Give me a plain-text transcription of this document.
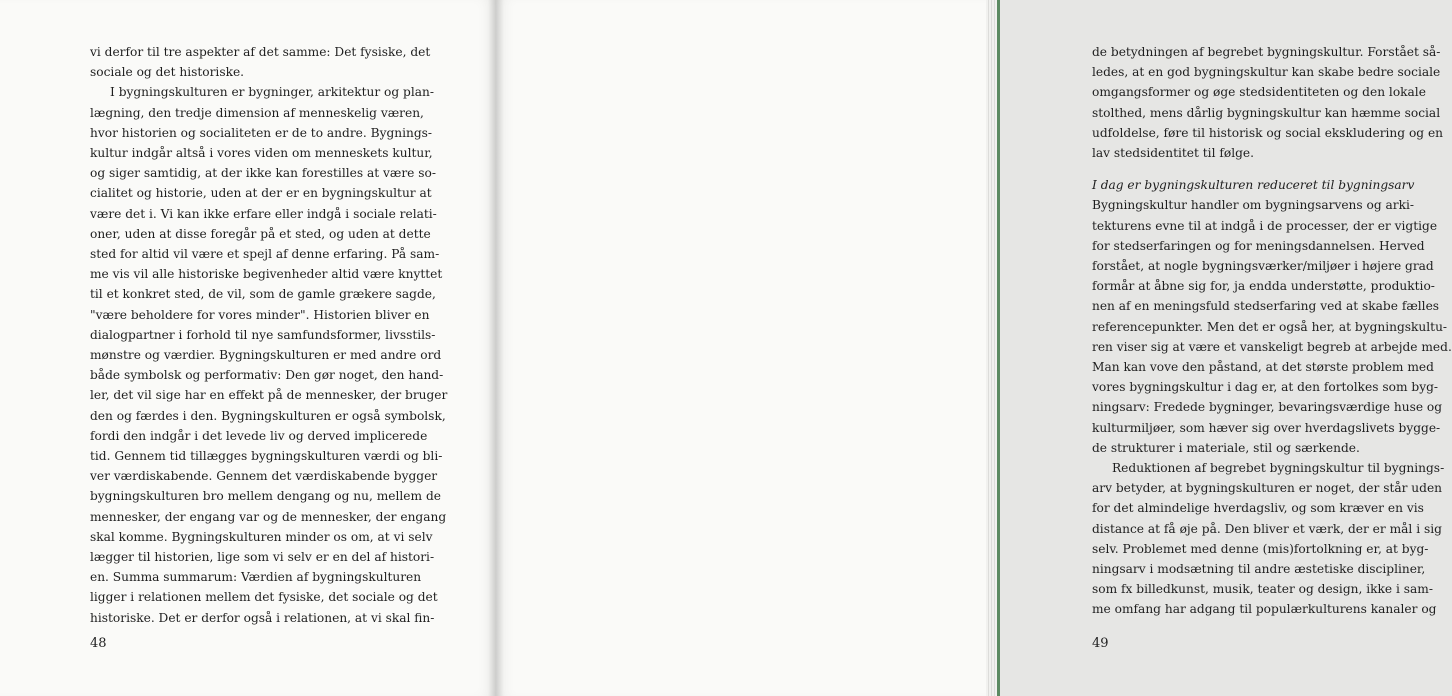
vi derfor til tre aspekter af det samme: Det fysiske, det
sociale og det historiske.
I bygningskulturen er bygninger, arkitektur og plan-
lægning, den tredje dimension af menneskelig væren,
hvor historien og socialiteten er de to andre. Bygnings-
kultur indgår altså i vores viden om menneskets kultur,
og siger samtidig, at der ikke kan forestilles at være so-
cialitet og historie, uden at der er en bygningskultur at
være det i. Vi kan ikke erfare eller indgå i sociale relati-
oner, uden at disse foregår på et sted, og uden at dette
sted for altid vil være et spejl af denne erfaring. På sam-
me vis vil alle historiske begivenheder altid være knyttet
til et konkret sted, de vil, som de gamle grækere sagde,
"være beholdere for vores minder". Historien bliver en
dialogpartner i forhold til nye samfundsformer, livsstils-
mønstre og værdier. Bygningskulturen er med andre ord
både symbolsk og performativ: Den gør noget, den hand-
ler, det vil sige har en effekt på de mennesker, der bruger
den og færdes i den. Bygningskulturen er også symbolsk,
fordi den indgår i det levede liv og derved implicerede
tid. Gennem tid tillægges bygningskulturen værdi og bli-
ver værdiskabende. Gennem det værdiskabende bygger
bygningskulturen bro mellem dengang og nu, mellem de
mennesker, der engang var og de mennesker, der engang
skal komme. Bygningskulturen minder os om, at vi selv
lægger til historien, lige som vi selv er en del af histori-
en. Summa summarum: Værdien af bygningskulturen
ligger i relationen mellem det fysiske, det sociale og det
historiske. Det er derfor også i relationen, at vi skal fin-
48
de betydningen af begrebet bygningskultur. Forstået så-
ledes, at en god bygningskultur kan skabe bedre sociale
omgangsformer og øge stedsidentiteten og den lokale
stolthed, mens dårlig bygningskultur kan hæmme social
udfoldelse, føre til historisk og social ekskludering og en
lav stedsidentitet til følge.
I dag er bygningskulturen reduceret til bygningsarv
Bygningskultur handler om bygningsarvens og arki-
tekturens evne til at indgå i de processer, der er vigtige
for stedserfaringen og for meningsdannelsen. Herved
forstået, at nogle bygningsværker/miljøer i højere grad
formår at åbne sig for, ja endda understøtte, produktio-
nen af en meningsfuld stedserfaring ved at skabe fælles
referencepunkter. Men det er også her, at bygningskultu-
ren viser sig at være et vanskeligt begreb at arbejde med.
Man kan vove den påstand, at det største problem med
vores bygningskultur i dag er, at den fortolkes som byg-
ningsarv: Fredede bygninger, bevaringsværdige huse og
kulturmiljøer, som hæver sig over hverdagslivets bygge-
de strukturer i materiale, stil og særkende.
Reduktionen af begrebet bygningskultur til bygnings-
arv betyder, at bygningskulturen er noget, der står uden
for det almindelige hverdagsliv, og som kræver en vis
distance at få øje på. Den bliver et værk, der er mål i sig
selv. Problemet med denne (mis)fortolkning er, at byg-
ningsarv i modsætning til andre æstetiske discipliner,
som fx billedkunst, musik, teater og design, ikke i sam-
me omfang har adgang til populærkulturens kanaler og
49
